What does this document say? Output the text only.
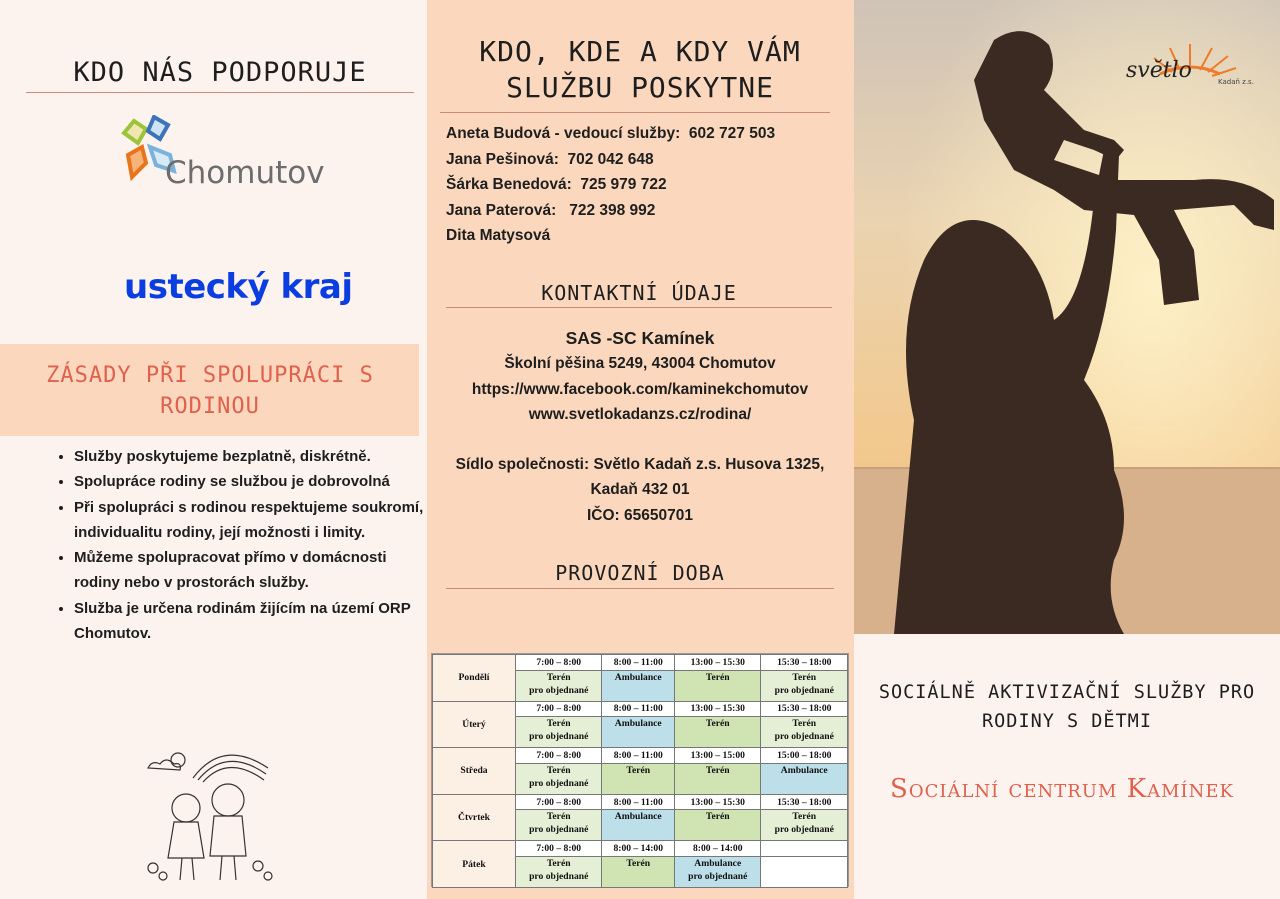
KDO NÁS PODPORUJE
Chomutov
ustecký kraj
ZÁSADY PŘI SPOLUPRÁCI S RODINOU
• Služby poskytujeme bezplatně, diskrétně.
• Spolupráce rodiny se službou je dobrovolná
• Při spolupráci s rodinou respektujeme soukromí, individualitu rodiny, její možnosti i limity.
• Můžeme spolupracovat přímo v domácnosti rodiny nebo v prostorách služby.
• Služba je určena rodinám žijícím na území ORP Chomutov.
KDO, KDE A KDY VÁM SLUŽBU POSKYTNE
Aneta Budová - vedoucí služby:  602 727 503
Jana Pešinová:  702 042 648
Šárka Benedová:  725 979 722
Jana Paterová:   722 398 992
Dita Matysová
KONTAKTNÍ ÚDAJE
SAS -SC Kamínek
Školní pěšina 5249, 43004 Chomutov
https://www.facebook.com/kaminekchomutov
www.svetlokadanzs.cz/rodina/
Sídlo společnosti: Světlo Kadaň z.s. Husova 1325,
Kadaň 432 01
IČO: 65650701
PROVOZNÍ DOBA
Pondělí	7:00 – 8:00	8:00 – 11:00	13:00 – 15:30	15:30 – 18:00

	Terén
pro objednané	Ambulance	Terén	Terén
pro objednané

Úterý	7:00 – 8:00	8:00 – 11:00	13:00 – 15:30	15:30 – 18:00

	Terén
pro objednané	Ambulance	Terén	Terén
pro objednané

Středa	7:00 – 8:00	8:00 – 11:00	13:00 – 15:00	15:00 – 18:00

	Terén
pro objednané	Terén	Terén	Ambulance

Čtvrtek	7:00 – 8:00	8:00 – 11:00	13:00 – 15:30	15:30 – 18:00

	Terén
pro objednané	Ambulance	Terén	Terén
pro objednané

Pátek	7:00 – 8:00	8:00 – 14:00	8:00 – 14:00	

	Terén
pro objednané	Terén	Ambulance
pro objednané	

svĕtlo	Kadaň z.s.
SOCIÁLNĚ AKTIVIZAČNÍ SLUŽBY PRO RODINY S DĚTMI
Sociální centrum Kamínek
